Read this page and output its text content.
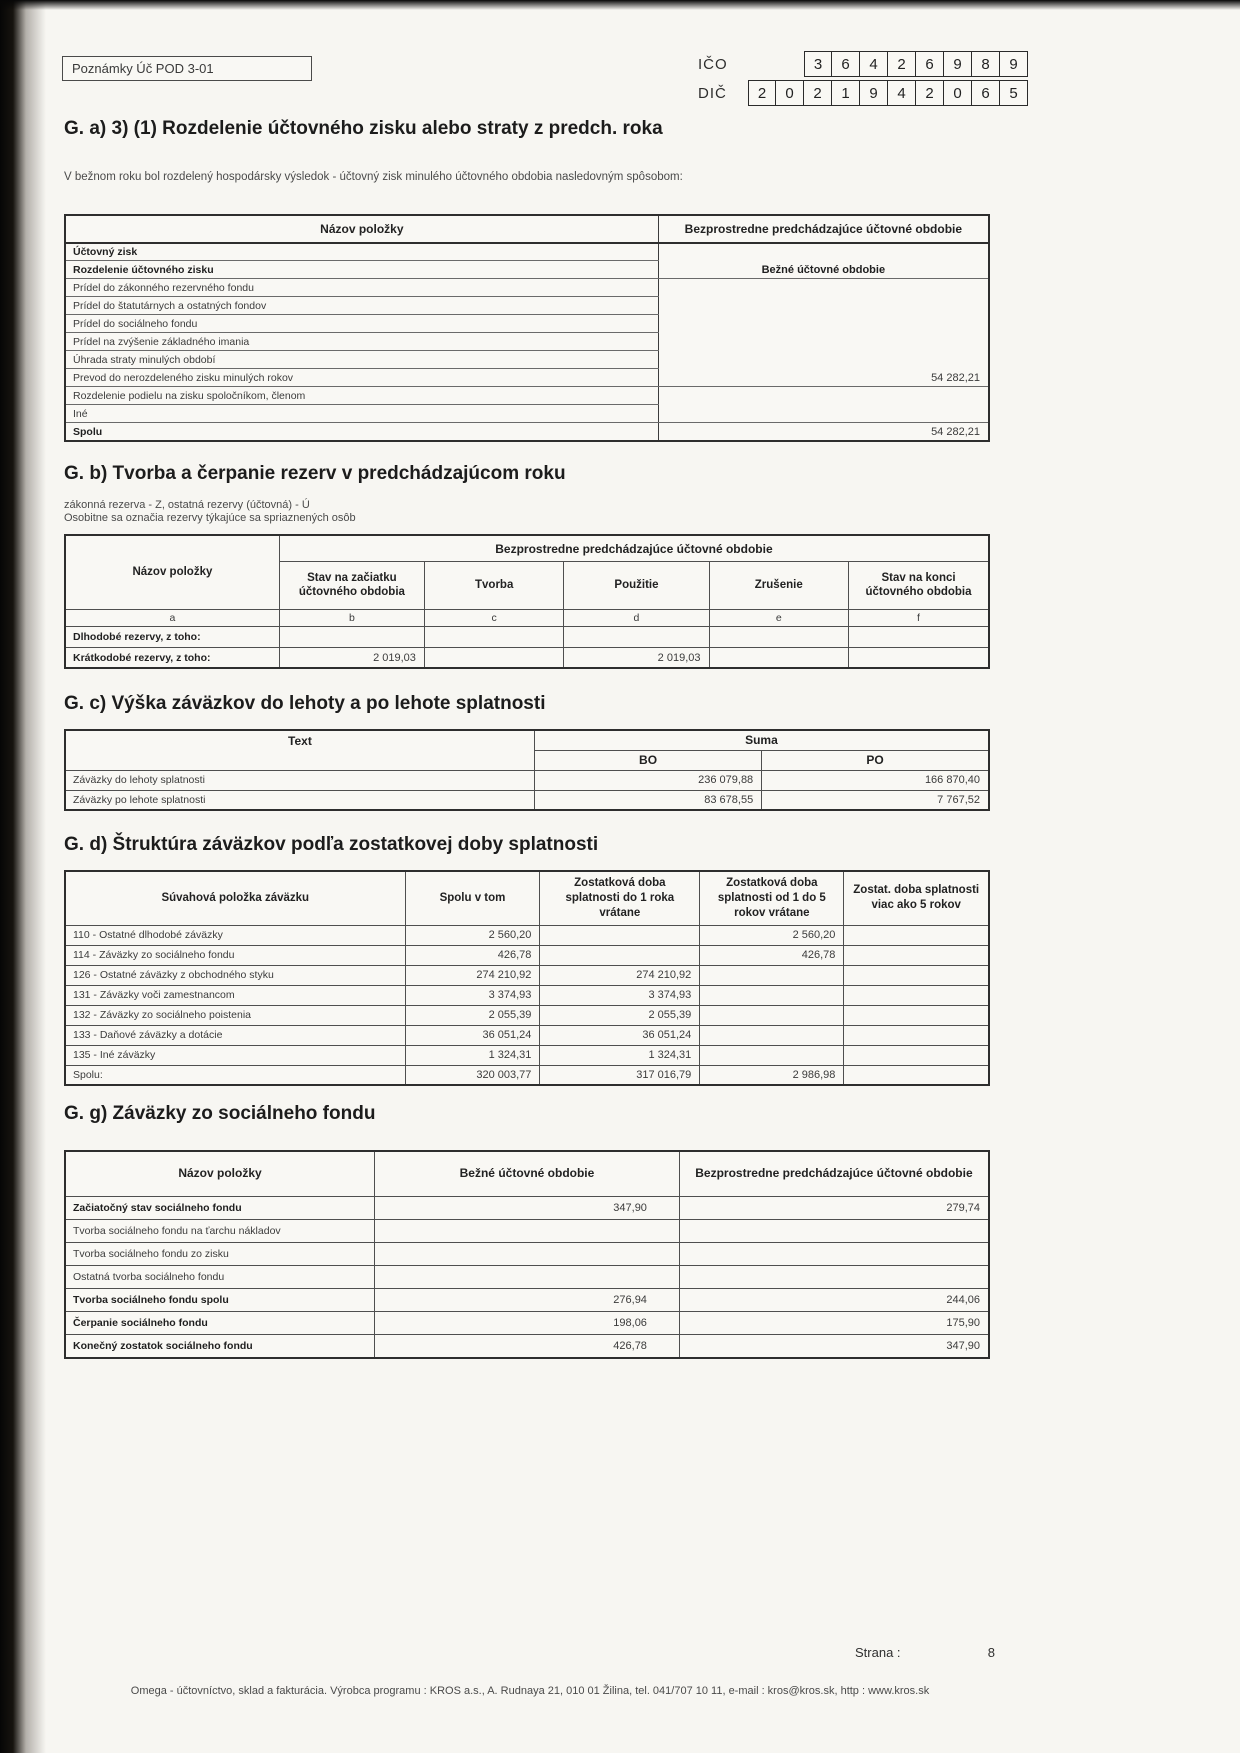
Poznámky Úč POD 3-01	IČO	3	6	4	2	6	9	8	9
DIČ	2	0	2	1	9	4	2	0	6	5
G. a) 3) (1) Rozdelenie účtovného zisku alebo straty z predch. roka
V bežnom roku bol rozdelený hospodársky výsledok - účtovný zisk minulého účtovného obdobia nasledovným spôsobom:
Názov položky	Bezprostredne predchádzajúce účtovné obdobie
Účtovný zisk	
Rozdelenie účtovného zisku	Bežné účtovné obdobie
Prídel do zákonného rezervného fondu	
Prídel do štatutárnych a ostatných fondov	
Prídel do sociálneho fondu	
Prídel na zvýšenie základného imania	
Úhrada straty minulých období	
Prevod do nerozdeleného zisku minulých rokov	54 282,21
Rozdelenie podielu na zisku spoločníkom, členom	
Iné	
Spolu	54 282,21
G. b) Tvorba a čerpanie rezerv v predchádzajúcom roku
zákonná rezerva - Z, ostatná rezervy (účtovná) - Ú
Osobitne sa označia rezervy týkajúce sa spriaznených osôb
Názov položky	Bezprostredne predchádzajúce účtovné obdobie				
	Stav na začiatku účtovného obdobia	Tvorba	Použitie	Zrušenie	Stav na konci účtovného obdobia
a	b	c	d	e	f
Dlhodobé rezervy, z toho:					
Krátkodobé rezervy, z toho:	2 019,03		2 019,03		
G. c) Výška záväzkov do lehoty a po lehote splatnosti
Text	Suma	
	BO	PO
Záväzky do lehoty splatnosti	236 079,88	166 870,40
Záväzky po lehote splatnosti	83 678,55	7 767,52
G. d) Štruktúra záväzkov podľa zostatkovej doby splatnosti
Súvahová položka záväzku	Spolu v tom	Zostatková doba splatnosti do 1 roka vrátane	Zostatková doba splatnosti od 1 do 5 rokov vrátane	Zostat. doba splatnosti viac ako 5 rokov
110 - Ostatné dlhodobé záväzky	2 560,20		2 560,20	
114 - Záväzky zo sociálneho fondu	426,78		426,78	
126 - Ostatné záväzky z obchodného styku	274 210,92	274 210,92		
131 - Záväzky voči zamestnancom	3 374,93	3 374,93		
132 - Záväzky zo sociálneho poistenia	2 055,39	2 055,39		
133 - Daňové záväzky a dotácie	36 051,24	36 051,24		
135 - Iné záväzky	1 324,31	1 324,31		
Spolu:	320 003,77	317 016,79	2 986,98	
G. g) Záväzky zo sociálneho fondu
Názov položky	Bežné účtovné obdobie	Bezprostredne predchádzajúce účtovné obdobie
Začiatočný stav sociálneho fondu	347,90	279,74
Tvorba sociálneho fondu na ťarchu nákladov		
Tvorba sociálneho fondu zo zisku		
Ostatná tvorba sociálneho fondu		
Tvorba sociálneho fondu spolu	276,94	244,06
Čerpanie sociálneho fondu	198,06	175,90
Konečný zostatok sociálneho fondu	426,78	347,90
Strana :	8
Omega - účtovníctvo, sklad a fakturácia. Výrobca programu : KROS a.s., A. Rudnaya 21, 010 01 Žilina, tel. 041/707 10 11, e-mail : kros@kros.sk, http : www.kros.sk
